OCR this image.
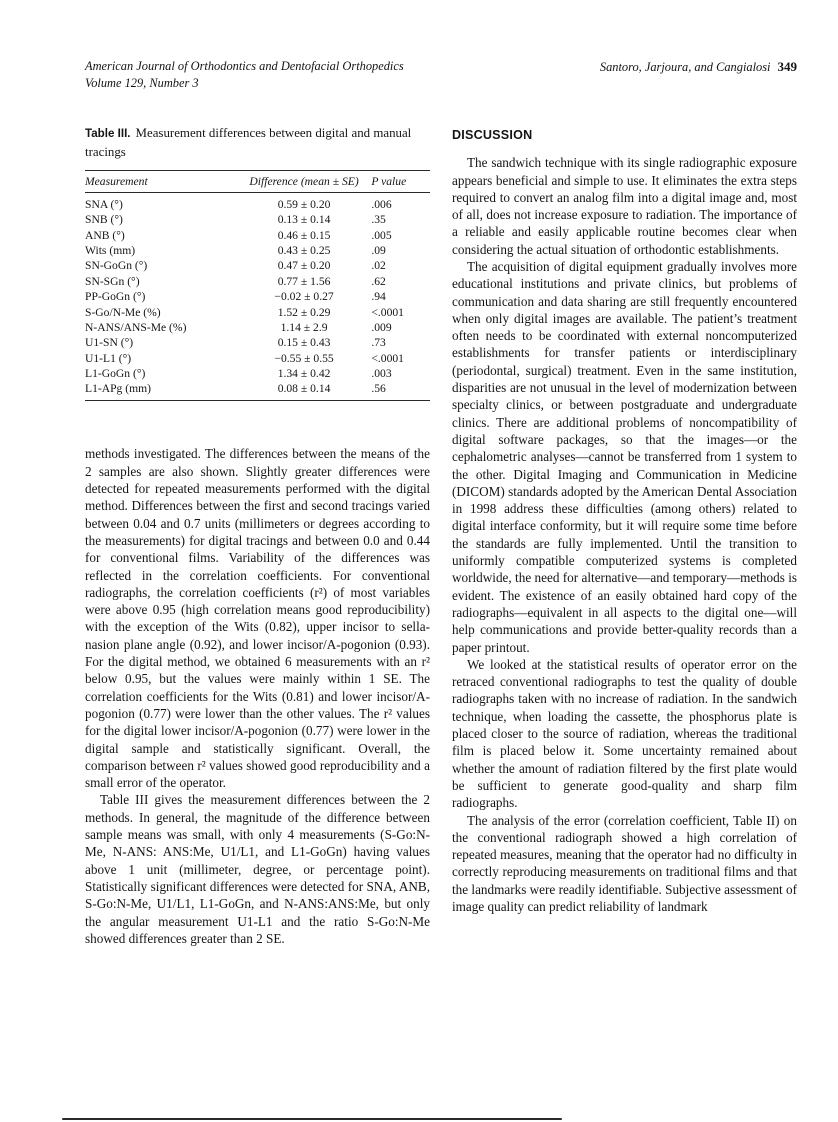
American Journal of Orthodontics and Dentofacial Orthopedics
Volume 129, Number 3
Santoro, Jarjoura, and Cangialosi 349

Table III. Measurement differences between digital and manual tracings

Measurement	Difference (mean ± SE)	P value
SNA (°)	0.59 ± 0.20	.006
SNB (°)	0.13 ± 0.14	.35
ANB (°)	0.46 ± 0.15	.005
Wits (mm)	0.43 ± 0.25	.09
SN-GoGn (°)	0.47 ± 0.20	.02
SN-SGn (°)	0.77 ± 1.56	.62
PP-GoGn (°)	−0.02 ± 0.27	.94
S-Go/N-Me (%)	1.52 ± 0.29	<.0001
N-ANS/ANS-Me (%)	1.14 ± 2.9	.009
U1-SN (°)	0.15 ± 0.43	.73
U1-L1 (°)	−0.55 ± 0.55	<.0001
L1-GoGn (°)	1.34 ± 0.42	.003
L1-APg (mm)	0.08 ± 0.14	.56

methods investigated. The differences between the means of the 2 samples are also shown. Slightly greater differences were detected for repeated measurements performed with the digital method. Differences between the first and second tracings varied between 0.04 and 0.7 units (millimeters or degrees according to the measurements) for digital tracings and between 0.0 and 0.44 for conventional films. Variability of the differences was reflected in the correlation coefficients. For conventional radiographs, the correlation coefficients (r²) of most variables were above 0.95 (high correlation means good reproducibility) with the exception of the Wits (0.82), upper incisor to sella-nasion plane angle (0.92), and lower incisor/A-pogonion (0.93). For the digital method, we obtained 6 measurements with an r² below 0.95, but the values were mainly within 1 SE. The correlation coefficients for the Wits (0.81) and lower incisor/A-pogonion (0.77) were lower than the other values. The r² values for the digital lower incisor/A-pogonion (0.77) were lower in the digital sample and statistically significant. Overall, the comparison between r² values showed good reproducibility and a small error of the operator.

Table III gives the measurement differences between the 2 methods. In general, the magnitude of the difference between sample means was small, with only 4 measurements (S-Go:N-Me, N-ANS: ANS:Me, U1/L1, and L1-GoGn) having values above 1 unit (millimeter, degree, or percentage point). Statistically significant differences were detected for SNA, ANB, S-Go:N-Me, U1/L1, L1-GoGn, and N-ANS:ANS:Me, but only the angular measurement U1-L1 and the ratio S-Go:N-Me showed differences greater than 2 SE.

DISCUSSION

The sandwich technique with its single radiographic exposure appears beneficial and simple to use. It eliminates the extra steps required to convert an analog film into a digital image and, most of all, does not increase exposure to radiation. The importance of a reliable and easily applicable routine becomes clear when considering the actual situation of orthodontic establishments.

The acquisition of digital equipment gradually involves more educational institutions and private clinics, but problems of communication and data sharing are still frequently encountered when only digital images are available. The patient’s treatment often needs to be coordinated with external noncomputerized establishments for transfer patients or interdisciplinary (periodontal, surgical) treatment. Even in the same institution, disparities are not unusual in the level of modernization between specialty clinics, or between postgraduate and undergraduate clinics. There are additional problems of noncompatibility of digital software packages, so that the images—or the cephalometric analyses—cannot be transferred from 1 system to the other. Digital Imaging and Communication in Medicine (DICOM) standards adopted by the American Dental Association in 1998 address these difficulties (among others) related to digital interface conformity, but it will require some time before the standards are fully implemented. Until the transition to uniformly compatible computerized systems is completed worldwide, the need for alternative—and temporary—methods is evident. The existence of an easily obtained hard copy of the radiographs—equivalent in all aspects to the digital one—will help communications and provide better-quality records than a paper printout.

We looked at the statistical results of operator error on the retraced conventional radiographs to test the quality of double radiographs taken with no increase of radiation. In the sandwich technique, when loading the cassette, the phosphorus plate is placed closer to the source of radiation, whereas the traditional film is placed below it. Some uncertainty remained about whether the amount of radiation filtered by the first plate would be sufficient to generate good-quality and sharp film radiographs.

The analysis of the error (correlation coefficient, Table II) on the conventional radiograph showed a high correlation of repeated measures, meaning that the operator had no difficulty in correctly reproducing measurements on traditional films and that the landmarks were readily identifiable. Subjective assessment of image quality can predict reliability of landmark
